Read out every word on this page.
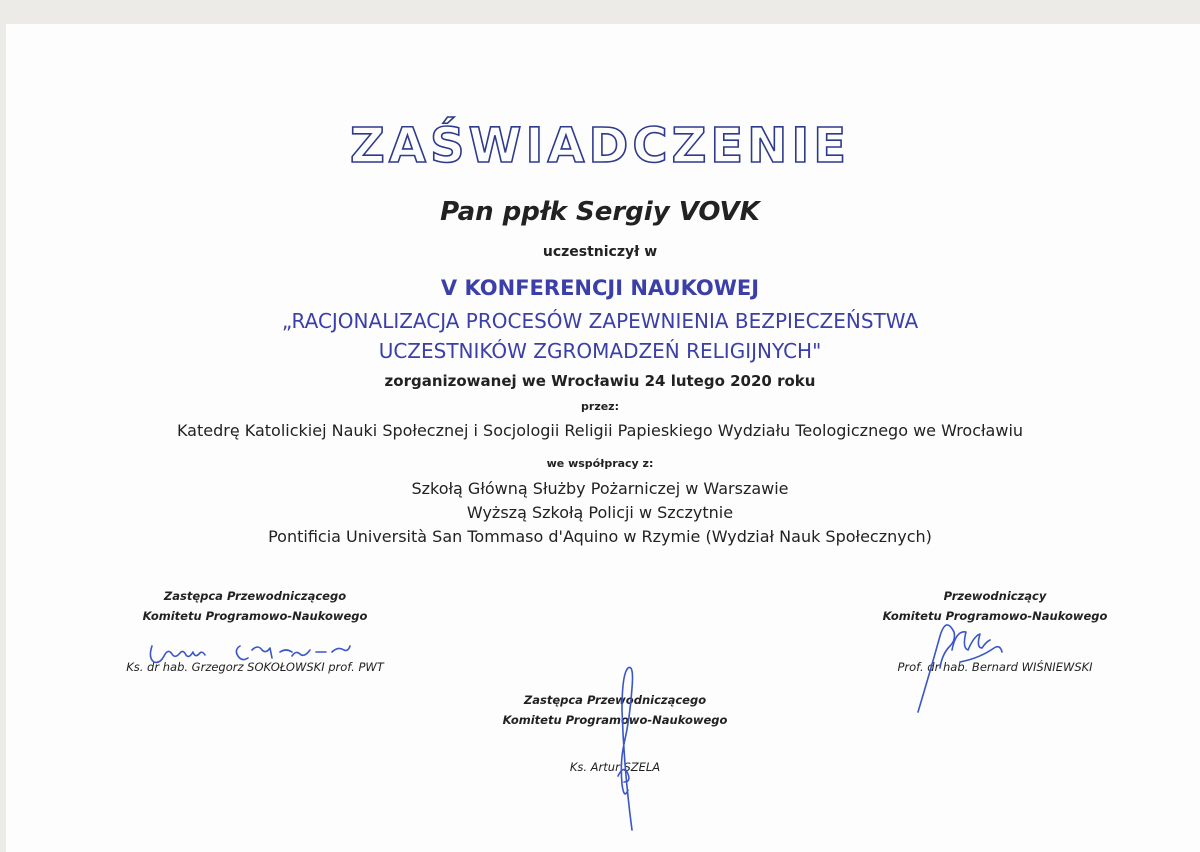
ZAŚWIADCZENIE
Pan ppłk Sergiy VOVK
uczestniczył w
V KONFERENCJI NAUKOWEJ
„RACJONALIZACJA PROCESÓW ZAPEWNIENIA BEZPIECZEŃSTWA
UCZESTNIKÓW ZGROMADZEŃ RELIGIJNYCH"
zorganizowanej we Wrocławiu 24 lutego 2020 roku
przez:
Katedrę Katolickiej Nauki Społecznej i Socjologii Religii Papieskiego Wydziału Teologicznego we Wrocławiu
we współpracy z:
Szkołą Główną Służby Pożarniczej w Warszawie
Wyższą Szkołą Policji w Szczytnie
Pontificia Università San Tommaso d'Aquino w Rzymie (Wydział Nauk Społecznych)
Zastępca Przewodniczącego
Komitetu Programowo-Naukowego
Ks. dr hab. Grzegorz SOKOŁOWSKI prof. PWT
Przewodniczący
Komitetu Programowo-Naukowego
Prof. dr hab. Bernard WIŚNIEWSKI
Zastępca Przewodniczącego
Komitetu Programowo-Naukowego
Ks. Artur SZELA
